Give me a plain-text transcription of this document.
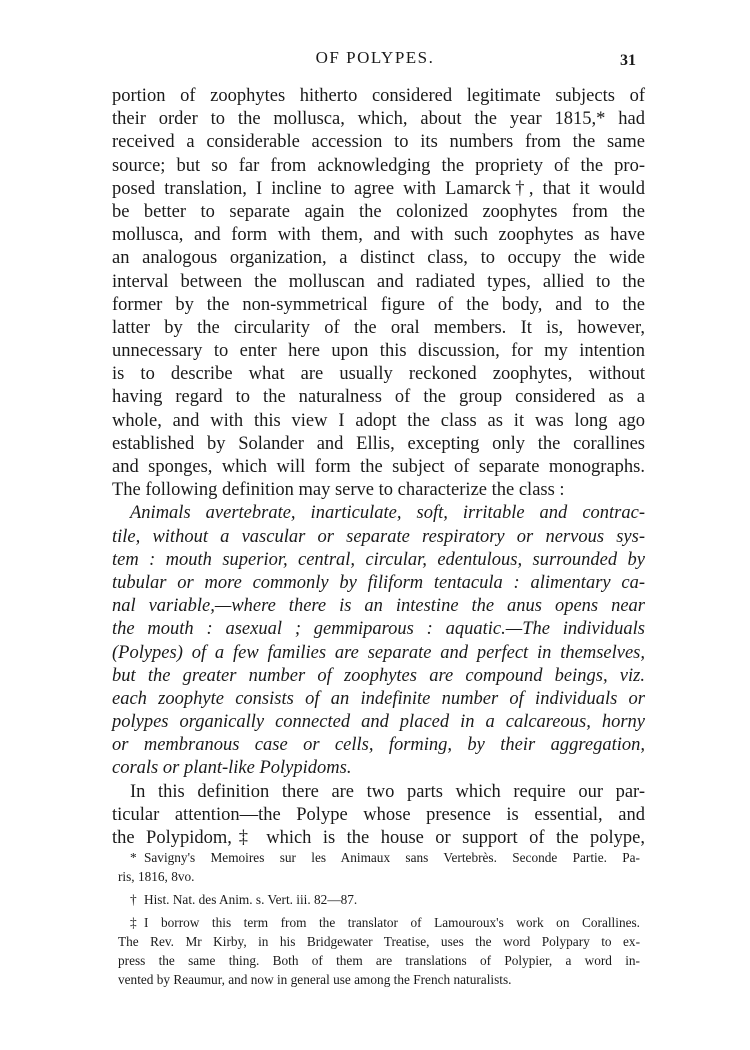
OF POLYPES.	31
portion of zoophytes hitherto considered legitimate subjects of
their order to the mollusca, which, about the year 1815,* had
received a considerable accession to its numbers from the same
source; but so far from acknowledging the propriety of the pro-
posed translation, I incline to agree with Lamarck†, that it would
be better to separate again the colonized zoophytes from the
mollusca, and form with them, and with such zoophytes as have
an analogous organization, a distinct class, to occupy the wide
interval between the molluscan and radiated types, allied to the
former by the non-symmetrical figure of the body, and to the
latter by the circularity of the oral members. It is, however,
unnecessary to enter here upon this discussion, for my intention
is to describe what are usually reckoned zoophytes, without
having regard to the naturalness of the group considered as a
whole, and with this view I adopt the class as it was long ago
established by Solander and Ellis, excepting only the corallines
and sponges, which will form the subject of separate monographs.
The following definition may serve to characterize the class :
Animals avertebrate, inarticulate, soft, irritable and contrac-
tile, without a vascular or separate respiratory or nervous sys-
tem : mouth superior, central, circular, edentulous, surrounded by
tubular or more commonly by filiform tentacula : alimentary ca-
nal variable,—where there is an intestine the anus opens near
the mouth : asexual ; gemmiparous : aquatic.—The individuals
(Polypes) of a few families are separate and perfect in themselves,
but the greater number of zoophytes are compound beings, viz.
each zoophyte consists of an indefinite number of individuals or
polypes organically connected and placed in a calcareous, horny
or membranous case or cells, forming, by their aggregation,
corals or plant-like Polypidoms.
In this definition there are two parts which require our par-
ticular attention—the Polype whose presence is essential, and
the Polypidom,‡ which is the house or support of the polype,
* Savigny's Memoires sur les Animaux sans Vertebrès. Seconde Partie. Pa-
ris, 1816, 8vo.
† Hist. Nat. des Anim. s. Vert. iii. 82—87.
‡ I borrow this term from the translator of Lamouroux's work on Corallines.
The Rev. Mr Kirby, in his Bridgewater Treatise, uses the word Polypary to ex-
press the same thing. Both of them are translations of Polypier, a word in-
vented by Reaumur, and now in general use among the French naturalists.
